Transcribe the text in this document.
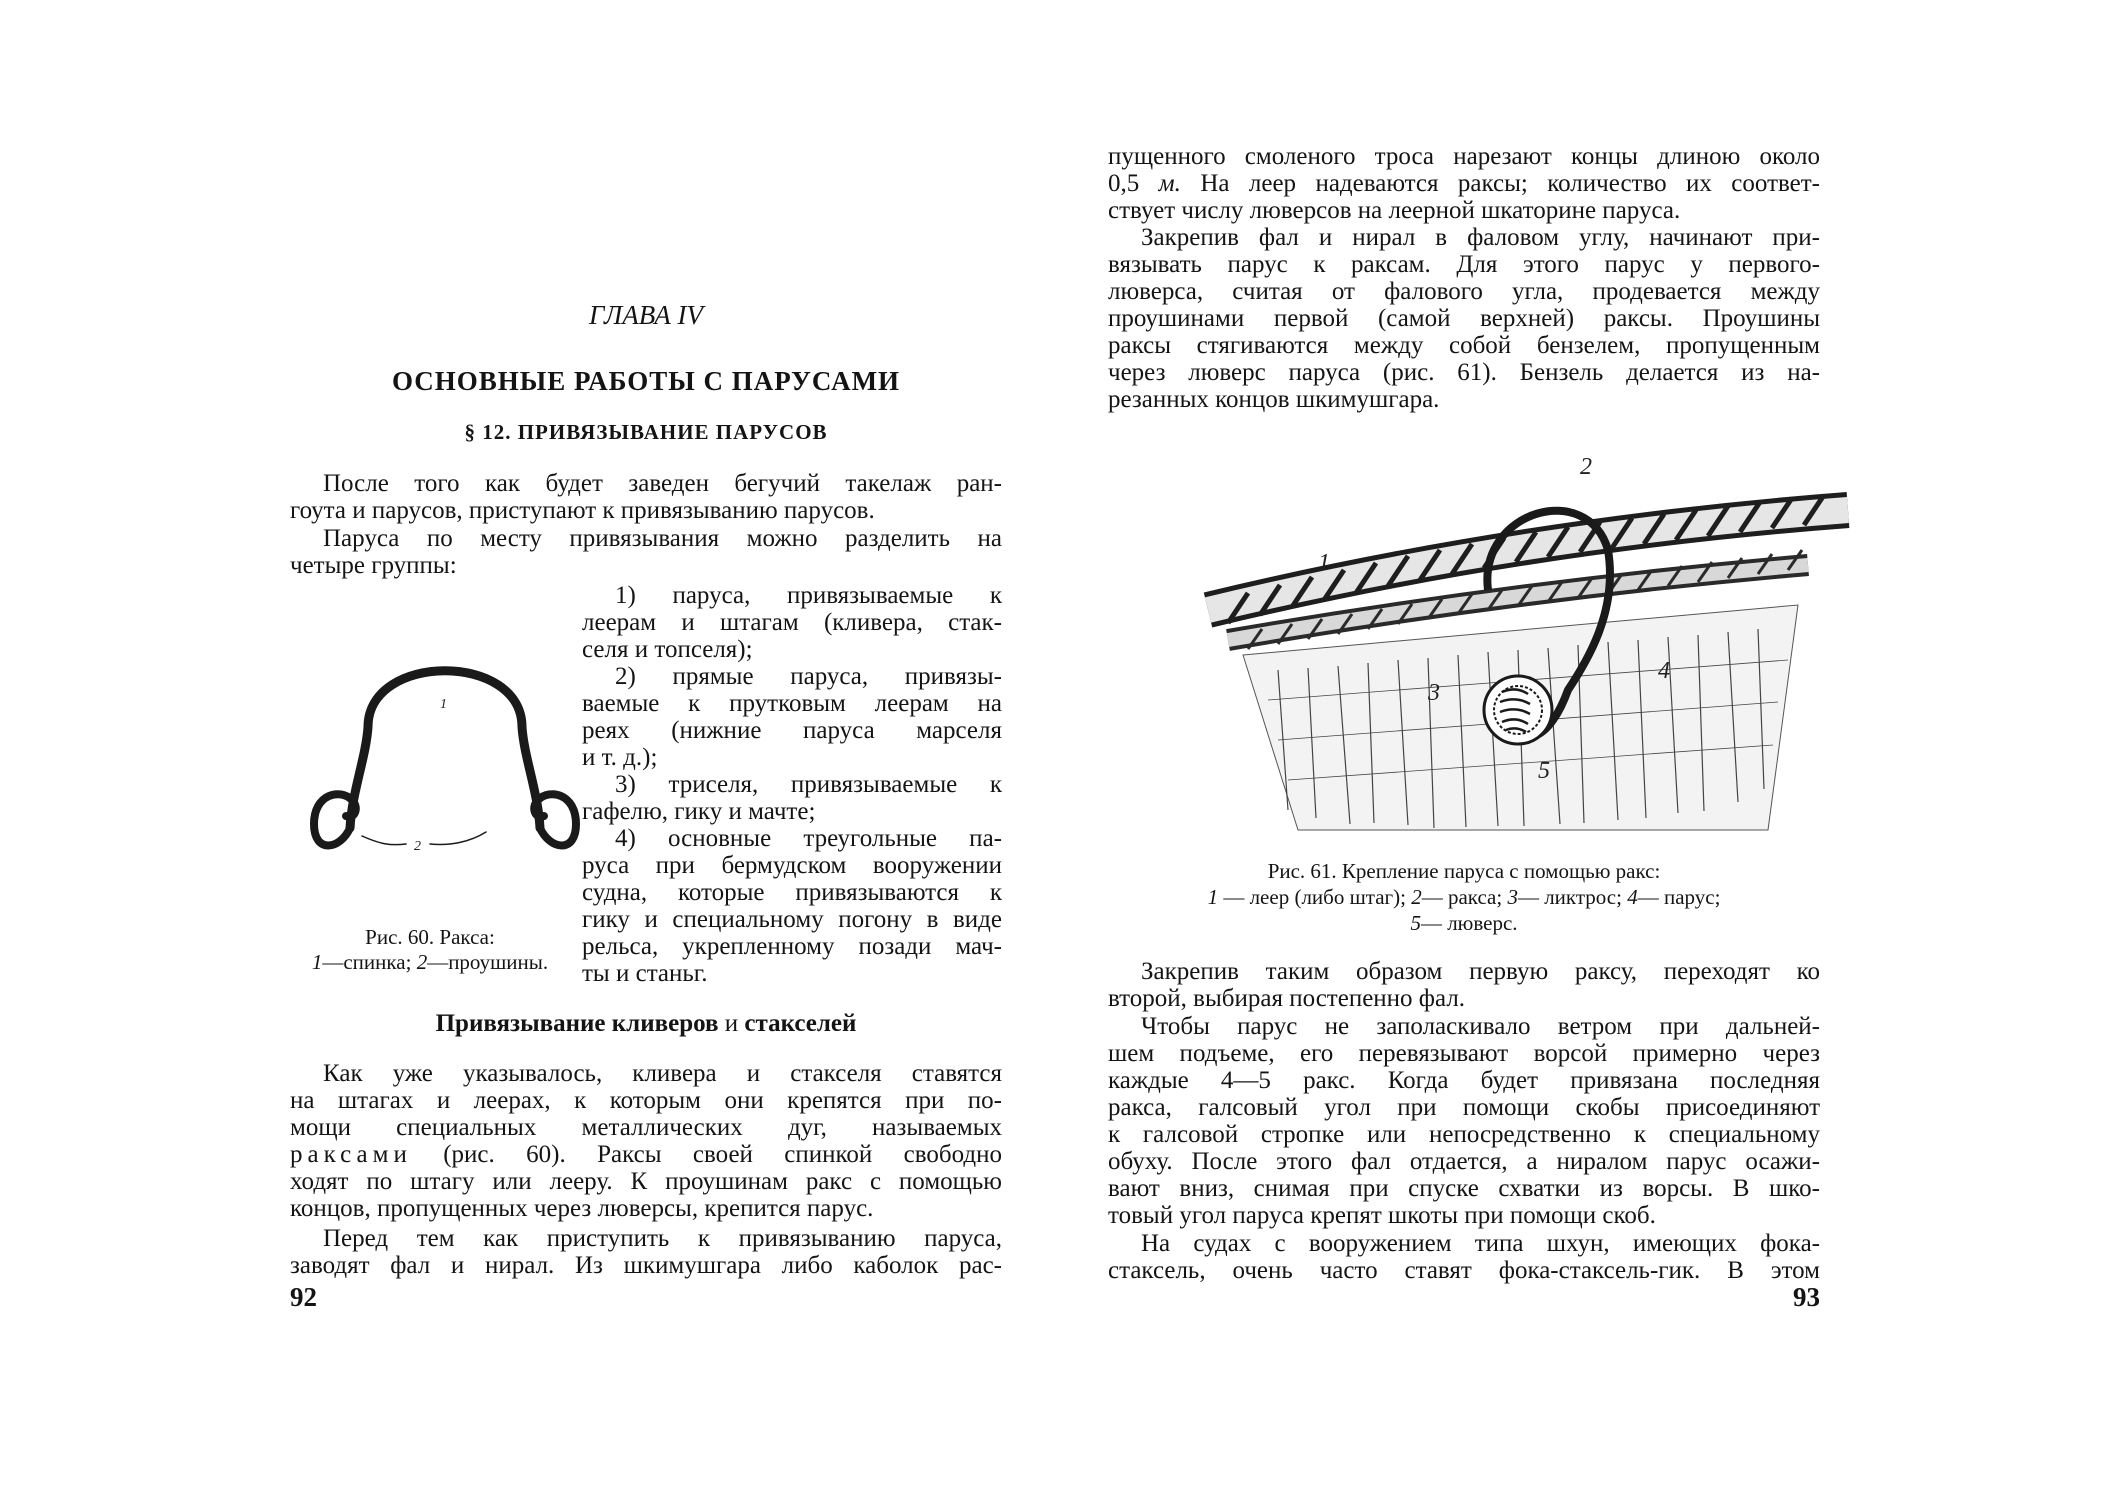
ГЛАВА IV
ОСНОВНЫЕ РАБОТЫ С ПАРУСАМИ
§ 12. ПРИВЯЗЫВАНИЕ ПАРУСОВ
После того как будет заведен бегучий такелаж ран-
гоута и парусов, приступают к привязыванию парусов.
Паруса по месту привязывания можно разделить на
четыре группы:
1
2
Рис. 60. Ракса:
1—спинка; 2—проушины.
1) паруса, привязываемые к
леерам и штагам (кливера, стак-
селя и топселя);
2) прямые паруса, привязы-
ваемые к прутковым леерам на
реях (нижние паруса марселя
и т. д.);
3) триселя, привязываемые к
гафелю, гику и мачте;
4) основные треугольные па-
руса при бермудском вооружении
судна, которые привязываются к
гику и специальному погону в виде
рельса, укрепленному позади мач-
ты и станьг.
Привязывание кливеров и стакселей
Как уже указывалось, кливера и стакселя ставятся
на штагах и леерах, к которым они крепятся при по-
мощи специальных металлических дуг, называемых
раксами (рис. 60). Раксы своей спинкой свободно
ходят по штагу или леeру. К проушинам ракс с помощью
концов, пропущенных через люверсы, крепится парус.
Перед тем как приступить к привязыванию паруса,
заводят фал и нирал. Из шкимушгара либо каболок рас-
92
пущенного смоленого троса нарезают концы длиною около
0,5 м. На леер надеваются раксы; количество их соответ-
ствует числу люверсов на леерной шкаторине паруса.
Закрепив фал и нирал в фаловом углу, начинают при-
вязывать парус к раксам. Для этого парус у первого-
люверса, считая от фалового угла, продевается между
проушинами первой (самой верхней) раксы. Проушины
раксы стягиваются между собой бензелем, пропущенным
через люверс паруса (рис. 61). Бензель делается из на-
резанных концов шкимушгара.
1
2
3
4
5
Рис. 61. Крепление паруса с помощью ракс:
1 — леер (либо штаг); 2— ракса; 3— ликтрос; 4— парус;
5— люверс.
Закрепив таким образом первую раксу, переходят ко
второй, выбирая постепенно фал.
Чтобы парус не заполаскивало ветром при дальней-
шем подъеме, его перевязывают ворсой примерно через
каждые 4—5 ракс. Когда будет привязана последняя
ракса, галсовый угол при помощи скобы присоединяют
к галсовой стропке или непосредственно к специальному
обуху. После этого фал отдается, а ниралом парус осажи-
вают вниз, снимая при спуске схватки из ворсы. В шко-
товый угол паруса крепят шкоты при помощи скоб.
На судах с вооружением типа шхун, имеющих фока-
стаксель, очень часто ставят фока-стаксель-гик. В этом
93
